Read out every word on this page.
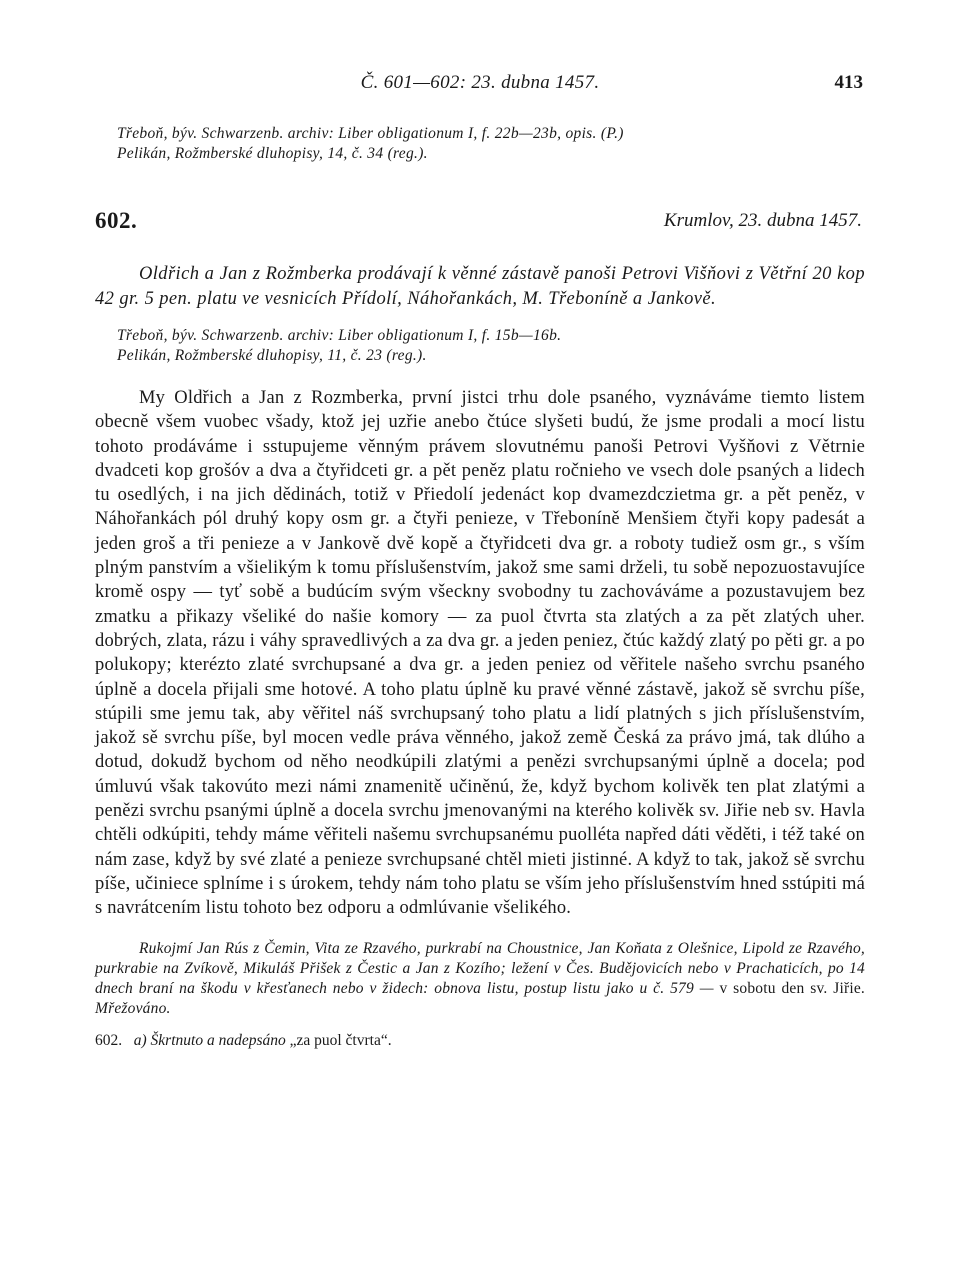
Č. 601—602: 23. dubna 1457.	413
Třeboň, býv. Schwarzenb. archiv: Liber obligationum I, f. 22b—23b, opis. (P.)
Pelikán, Rožmberské dluhopisy, 14, č. 34 (reg.).
602.	Krumlov, 23. dubna 1457.
Oldřich a Jan z Rožmberka prodávají k věnné zástavě panoši Petrovi Višňovi z Větřní 20 kop 42 gr. 5 pen. platu ve vesnicích Přídolí, Náhořankách, M. Třeboníně a Jankově.
Třeboň, býv. Schwarzenb. archiv: Liber obligationum I, f. 15b—16b.
Pelikán, Rožmberské dluhopisy, 11, č. 23 (reg.).
My Oldřich a Jan z Rozmberka, první jistci trhu dole psaného, vyznáváme tiemto listem obecně všem vuobec všady, ktož jej uzřie anebo čtúce slyšeti budú, že jsme prodali a mocí listu tohoto prodáváme i sstupujeme věnným právem slovutnému panoši Petrovi Vyšňovi z Větrnie dvadceti kop grošóv a dva a čtyřidceti gr. a pět peněz platu ročnieho ve vsech dole psaných a lidech tu osedlých, i na jich dědinách, totiž v Přiedolí jedenáct kop dvamezdczietma gr. a pět peněz, v Náhořankách pól druhý kopy osm gr. a čtyři penieze, v Třeboníně Menšiem čtyři kopy padesát a jeden groš a tři penieze a v Jankově dvě kopě a čtyřidceti dva gr. a roboty tudiež osm gr., s vším plným panstvím a všielikým k tomu příslušenstvím, jakož sme sami drželi, tu sobě nepozuostavujíce kromě ospy — tyť sobě a budúcím svým všeckny svobodny tu zachováváme a pozustavujem bez zmatku a přikazy všeliké do našie komory — za puol čtvrta sta zlatých a za pět zlatých uher. dobrých, zlata, rázu i váhy spravedlivých a za dva gr. a jeden peniez, čtúc každý zlatý po pěti gr. a po polukopy; kterézto zlaté svrchupsané a dva gr. a jeden peniez od věřitele našeho svrchu psaného úplně a docela přijali sme hotové. A toho platu úplně ku pravé věnné zástavě, jakož sě svrchu píše, stúpili sme jemu tak, aby věřitel náš svrchupsaný toho platu a lidí platných s jich příslušenstvím, jakož sě svrchu píše, byl mocen vedle práva věnného, jakož země Česká za právo jmá, tak dlúho a dotud, dokudž bychom od něho neodkúpili zlatými a penězi svrchupsanými úplně a docela; pod úmluvú však takovúto mezi námi znamenitě učiněnú, že, když bychom kolivěk ten plat zlatými a penězi svrchu psanými úplně a docela svrchu jmenovanými na kterého kolivěk sv. Jiřie neb sv. Havla chtěli odkúpiti, tehdy máme věřiteli našemu svrchupsanému puolléta napřed dáti věděti, i též také on nám zase, když by své zlaté a penieze svrchupsané chtěl mieti jistinné. A když to tak, jakož sě svrchu píše, učiniece splníme i s úrokem, tehdy nám toho platu se vším jeho příslušenstvím hned sstúpiti má s navrátcením listu tohoto bez odporu a odmlúvanie všelikého.
Rukojmí Jan Rús z Čemin, Vita ze Rzavého, purkrabí na Choustnice, Jan Koňata z Olešnice, Lipold ze Rzavého, purkrabie na Zvíkově, Mikuláš Přišek z Čestic a Jan z Kozího; ležení v Čes. Budějovicích nebo v Prachaticích, po 14 dnech braní na škodu v křesťanech nebo v židech: obnova listu, postup listu jako u č. 579 — v sobotu den sv. Jiřie. Mřežováno.
602. a) Škrtnuto a nadepsáno „za puol čtvrta“.
